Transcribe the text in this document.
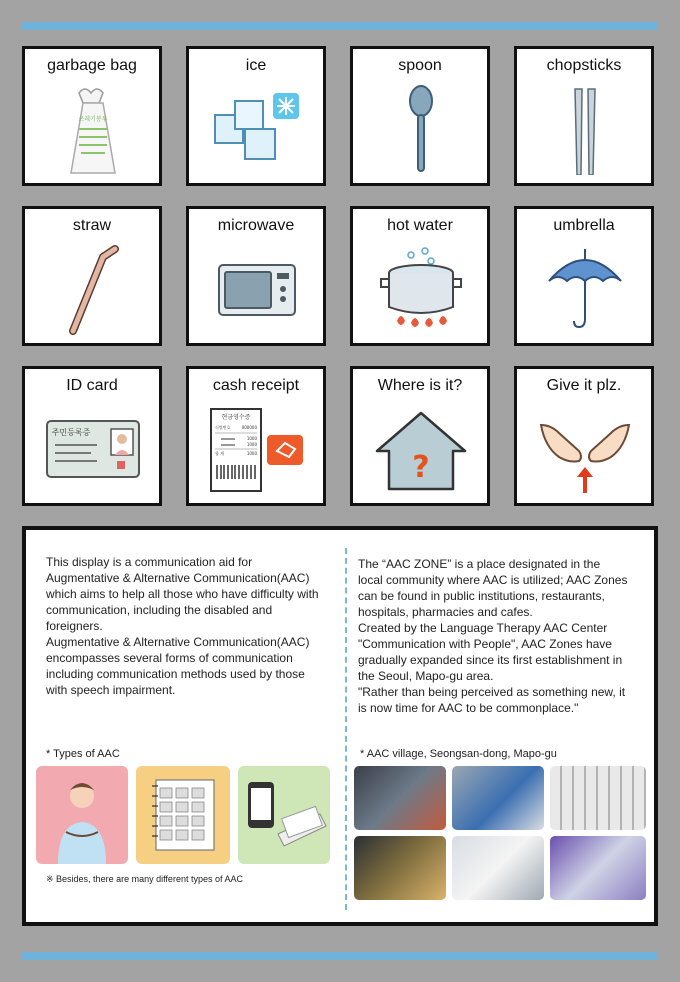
garbage bag
쓰레기봉투
ice	spoon	chopsticks
straw	microwave	hot water	umbrella
ID card
주민등록증
cash receipt
현금영수증
식별번호	000000
1000
1000
합 계	1000
Where is it?
?
Give it plz.

This display is a communication aid for Augmentative & Alternative Communication(AAC) which aims to help all those who have difficulty with communication, including the disabled and foreigners.

Augmentative & Alternative Communication(AAC) encompasses several forms of communication including communication methods used by those with speech impairment.

The “AAC ZONE” is a place designated in the local community where AAC is utilized; AAC Zones can be found in public institutions, restaurants, hospitals, pharmacies and cafes.

Created by the Language Therapy AAC Center "Communication with People", AAC Zones have gradually expanded since its first establishment in the Seoul, Mapo-gu area.

"Rather than being perceived as something new, it is now time for AAC to be commonplace."

* Types of AAC
※ Besides, there are many different types of AAC
* AAC village, Seongsan-dong, Mapo-gu
